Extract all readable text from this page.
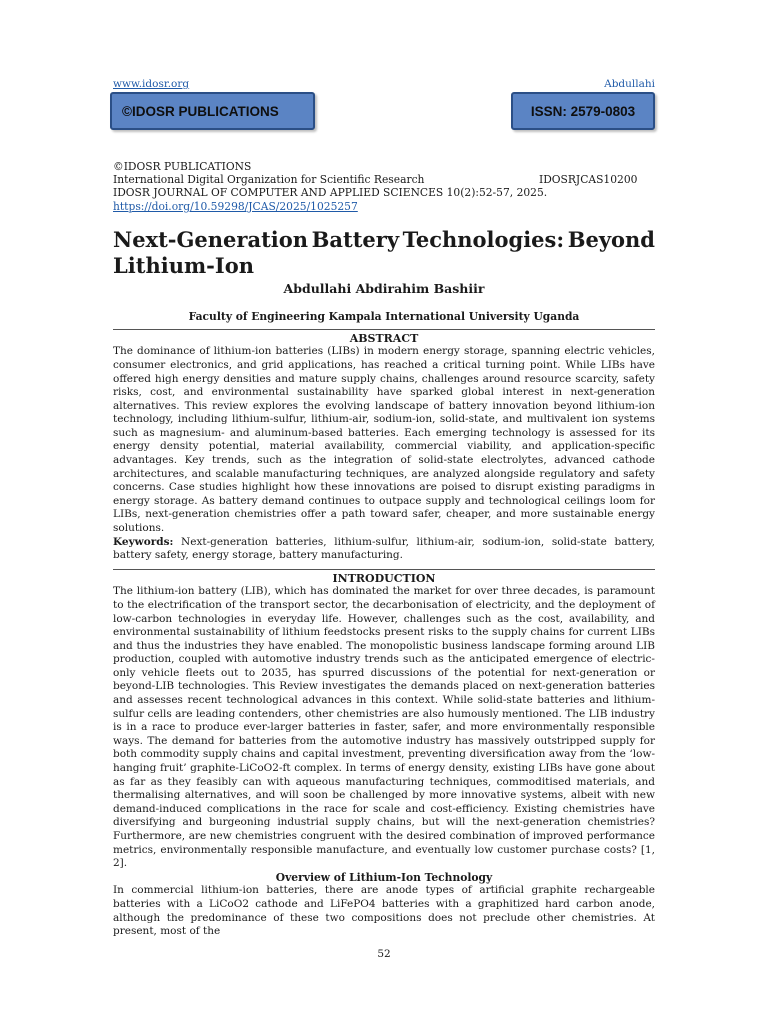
www.idosr.org	Abdullahi
©IDOSR PUBLICATIONS	ISSN: 2579-0803
©IDOSR PUBLICATIONS
International Digital Organization for Scientific Research	IDOSRJCAS10200
IDOSR JOURNAL OF COMPUTER AND APPLIED SCIENCES 10(2):52-57, 2025.
https://doi.org/10.59298/JCAS/2025/1025257
Next-Generation Battery Technologies: Beyond
Lithium-Ion
Abdullahi Abdirahim Bashiir
Faculty of Engineering Kampala International University Uganda
ABSTRACT

The dominance of lithium-ion batteries (LIBs) in modern energy storage, spanning electric vehicles, consumer electronics, and grid applications, has reached a critical turning point. While LIBs have offered high energy densities and mature supply chains, challenges around resource scarcity, safety risks, cost, and environmental sustainability have sparked global interest in next-generation alternatives. This review explores the evolving landscape of battery innovation beyond lithium-ion technology, including lithium-sulfur, lithium-air, sodium-ion, solid-state, and multivalent ion systems such as magnesium- and aluminum-based batteries. Each emerging technology is assessed for its energy density potential, material availability, commercial viability, and application-specific advantages. Key trends, such as the integration of solid-state electrolytes, advanced cathode architectures, and scalable manufacturing techniques, are analyzed alongside regulatory and safety concerns. Case studies highlight how these innovations are poised to disrupt existing paradigms in energy storage. As battery demand continues to outpace supply and technological ceilings loom for LIBs, next-generation chemistries offer a path toward safer, cheaper, and more sustainable energy solutions.

Keywords: Next-generation batteries, lithium-sulfur, lithium-air, sodium-ion, solid-state battery, battery safety, energy storage, battery manufacturing.

INTRODUCTION

The lithium-ion battery (LIB), which has dominated the market for over three decades, is paramount to the electrification of the transport sector, the decarbonisation of electricity, and the deployment of low-carbon technologies in everyday life. However, challenges such as the cost, availability, and environmental sustainability of lithium feedstocks present risks to the supply chains for current LIBs and thus the industries they have enabled. The monopolistic business landscape forming around LIB production, coupled with automotive industry trends such as the anticipated emergence of electric-only vehicle fleets out to 2035, has spurred discussions of the potential for next-generation or beyond-LIB technologies. This Review investigates the demands placed on next-generation batteries and assesses recent technological advances in this context. While solid-state batteries and lithium-sulfur cells are leading contenders, other chemistries are also humously mentioned. The LIB industry is in a race to produce ever-larger batteries in faster, safer, and more environmentally responsible ways. The demand for batteries from the automotive industry has massively outstripped supply for both commodity supply chains and capital investment, preventing diversification away from the ‘low-hanging fruit’ graphite-LiCoO2-ft complex. In terms of energy density, existing LIBs have gone about as far as they feasibly can with aqueous manufacturing techniques, commoditised materials, and thermalising alternatives, and will soon be challenged by more innovative systems, albeit with new demand-induced complications in the race for scale and cost-efficiency. Existing chemistries have diversifying and burgeoning industrial supply chains, but will the next-generation chemistries? Furthermore, are new chemistries congruent with the desired combination of improved performance metrics, environmentally responsible manufacture, and eventually low customer purchase costs? [1, 2].

Overview of Lithium-Ion Technology

In commercial lithium-ion batteries, there are anode types of artificial graphite rechargeable batteries with a LiCoO2 cathode and LiFePO4 batteries with a graphitized hard carbon anode, although the predominance of these two compositions does not preclude other chemistries. At present, most of the

52
